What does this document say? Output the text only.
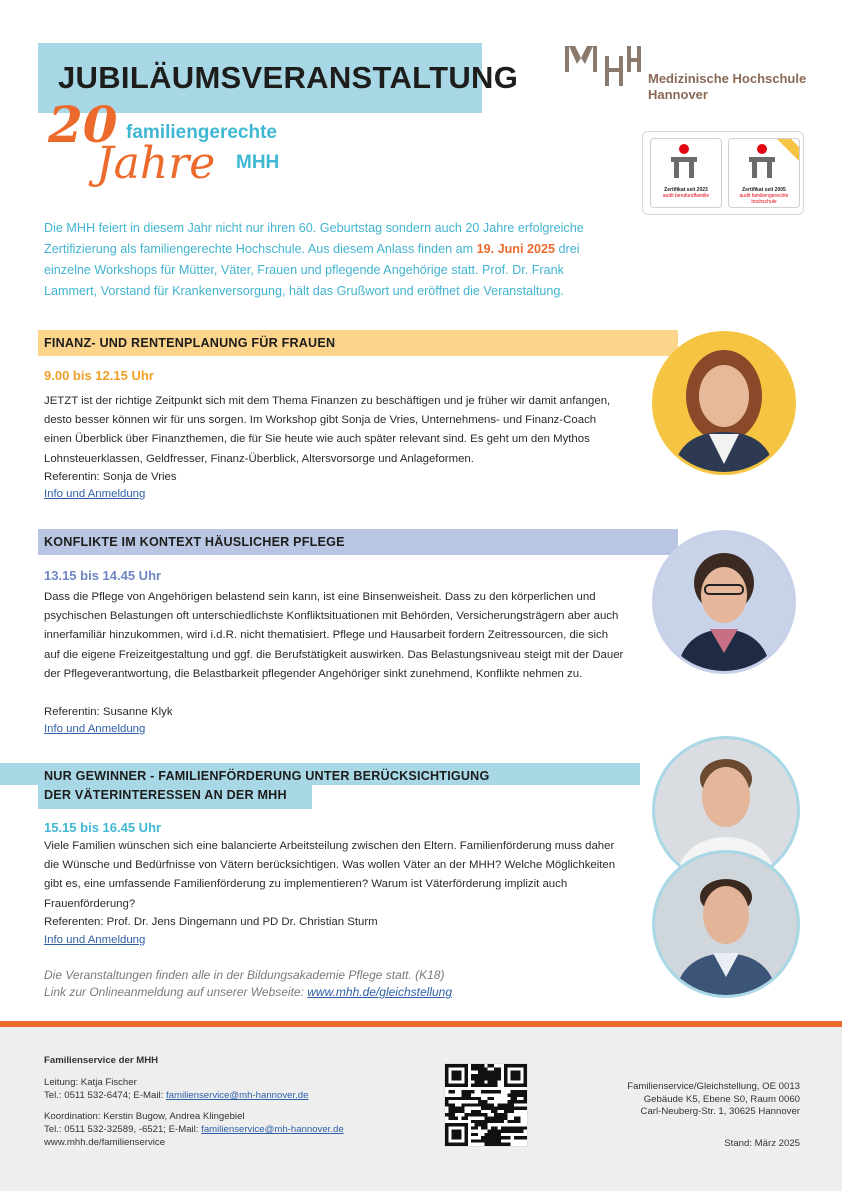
JUBILÄUMSVERANSTALTUNG
20
Jahre
familiengerechte
MHH
Medizinische Hochschule
Hannover
Zertifikat seit 2023
audit berufundfamilie
Zertifikat seit 2005
audit familiengerechte
hochschule
Die MHH feiert in diesem Jahr nicht nur ihren 60. Geburtstag sondern auch 20 Jahre erfolgreiche Zertifizierung als familiengerechte Hochschule. Aus diesem Anlass finden am 19. Juni 2025 drei einzelne Workshops für Mütter, Väter, Frauen und pflegende Angehörige statt. Prof. Dr. Frank Lammert, Vorstand für Krankenversorgung, hält das Grußwort und eröffnet die Veranstaltung.
FINANZ- UND RENTENPLANUNG FÜR FRAUEN
9.00 bis 12.15 Uhr
JETZT ist der richtige Zeitpunkt sich mit dem Thema Finanzen zu beschäftigen und je früher wir damit anfangen, desto besser können wir für uns sorgen. Im Workshop gibt Sonja de Vries, Unternehmens- und Finanz-Coach einen Überblick über Finanzthemen, die für Sie heute wie auch später relevant sind. Es geht um den Mythos Lohnsteuerklassen, Geldfresser, Finanz-Überblick, Altersvorsorge und Anlageformen.
Referentin: Sonja de Vries
Info und Anmeldung
KONFLIKTE IM KONTEXT HÄUSLICHER PFLEGE
13.15 bis 14.45 Uhr
Dass die Pflege von Angehörigen belastend sein kann, ist eine Binsenweisheit. Dass zu den körperlichen und psychischen Belastungen oft unterschiedlichste Konfliktsituationen mit Behörden, Versicherungsträgern aber auch innerfamiliär hinzukommen, wird i.d.R. nicht thematisiert. Pflege und Hausarbeit fordern Zeitressourcen, die sich auf die eigene Freizeitgestaltung und ggf. die Berufstätigkeit auswirken. Das Belastungsniveau steigt mit der Dauer der Pflegeverantwortung, die Belastbarkeit pflegender Angehöriger sinkt zunehmend, Konflikte nehmen zu.
Referentin: Susanne Klyk
Info und Anmeldung
NUR GEWINNER - FAMILIENFÖRDERUNG UNTER BERÜCKSICHTIGUNG
DER VÄTERINTERESSEN AN DER MHH
15.15 bis 16.45 Uhr
Viele Familien wünschen sich eine balancierte Arbeitsteilung zwischen den Eltern. Familienförderung muss daher die Wünsche und Bedürfnisse von Vätern berücksichtigen. Was wollen Väter an der MHH? Welche Möglichkeiten gibt es, eine umfassende Familienförderung zu implementieren? Warum ist Väterförderung implizit auch Frauenförderung?
Referenten: Prof. Dr. Jens Dingemann und PD Dr. Christian Sturm
Info und Anmeldung
Die Veranstaltungen finden alle in der Bildungsakademie Pflege statt. (K18)
Link zur Onlineanmeldung auf unserer Webseite: www.mhh.de/gleichstellung
Familienservice der MHH
Leitung: Katja Fischer
Tel.: 0511 532-6474; E-Mail: familienservice@mh-hannover.de
Koordination: Kerstin Bugow, Andrea Klingebiel
Tel.: 0511 532-32589, -6521; E-Mail: familienservice@mh-hannover.de
www.mhh.de/familienservice
Familienservice/Gleichstellung, OE 0013
Gebäude K5, Ebene S0, Raum 0060
Carl-Neuberg-Str. 1, 30625 Hannover
Stand: März 2025
